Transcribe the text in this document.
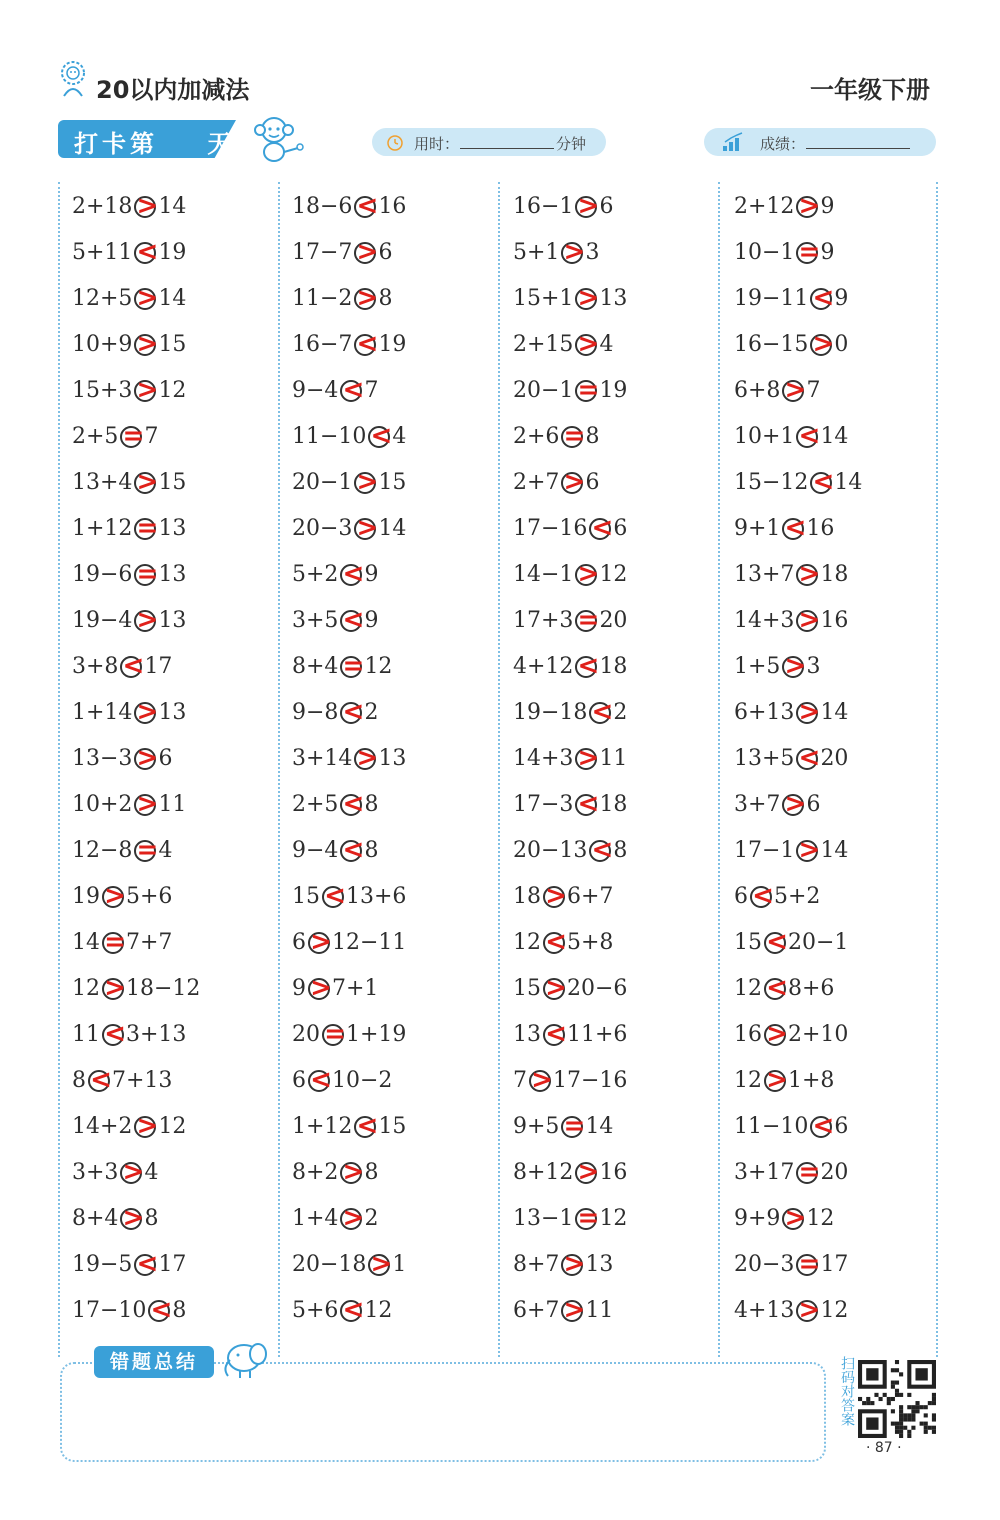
20以内加减法	一年级下册
打卡第    天	用时：	分钟	成绩：
2+18 > 14
5+11 < 19
12+5 > 14
10+9 > 15
15+3 > 12
2+5 = 7
13+4 > 15
1+12 = 13
19−6 = 13
19−4 > 13
3+8 < 17
1+14 > 13
13−3 > 6
10+2 > 11
12−8 = 4
19 > 5+6
14 = 7+7
12 > 18−12
11 < 3+13
8 < 7+13
14+2 > 12
3+3 > 4
8+4 > 8
19−5 < 17
17−10 < 8
18−6 < 16
17−7 > 6
11−2 > 8
16−7 < 19
9−4 < 7
11−10 < 4
20−1 > 15
20−3 > 14
5+2 < 9
3+5 < 9
8+4 = 12
9−8 < 2
3+14 > 13
2+5 < 8
9−4 < 8
15 < 13+6
6 > 12−11
9 > 7+1
20 = 1+19
6 < 10−2
1+12 < 15
8+2 > 8
1+4 > 2
20−18 > 1
5+6 < 12
16−1 > 6
5+1 > 3
15+1 > 13
2+15 > 4
20−1 = 19
2+6 = 8
2+7 > 6
17−16 < 6
14−1 > 12
17+3 = 20
4+12 < 18
19−18 < 2
14+3 > 11
17−3 < 18
20−13 < 8
18 > 6+7
12 < 5+8
15 > 20−6
13 < 11+6
7 > 17−16
9+5 = 14
8+12 > 16
13−1 = 12
8+7 > 13
6+7 > 11
2+12 > 9
10−1 = 9
19−11 < 9
16−15 > 0
6+8 > 7
10+1 < 14
15−12 < 14
9+1 < 16
13+7 > 18
14+3 > 16
1+5 > 3
6+13 > 14
13+5 < 20
3+7 > 6
17−1 > 14
6 < 5+2
15 < 20−1
12 < 8+6
16 > 2+10
12 > 1+8
11−10 < 6
3+17 = 20
9+9 > 12
20−3 = 17
4+13 > 12
错题总结	扫码对答案
· 87 ·
